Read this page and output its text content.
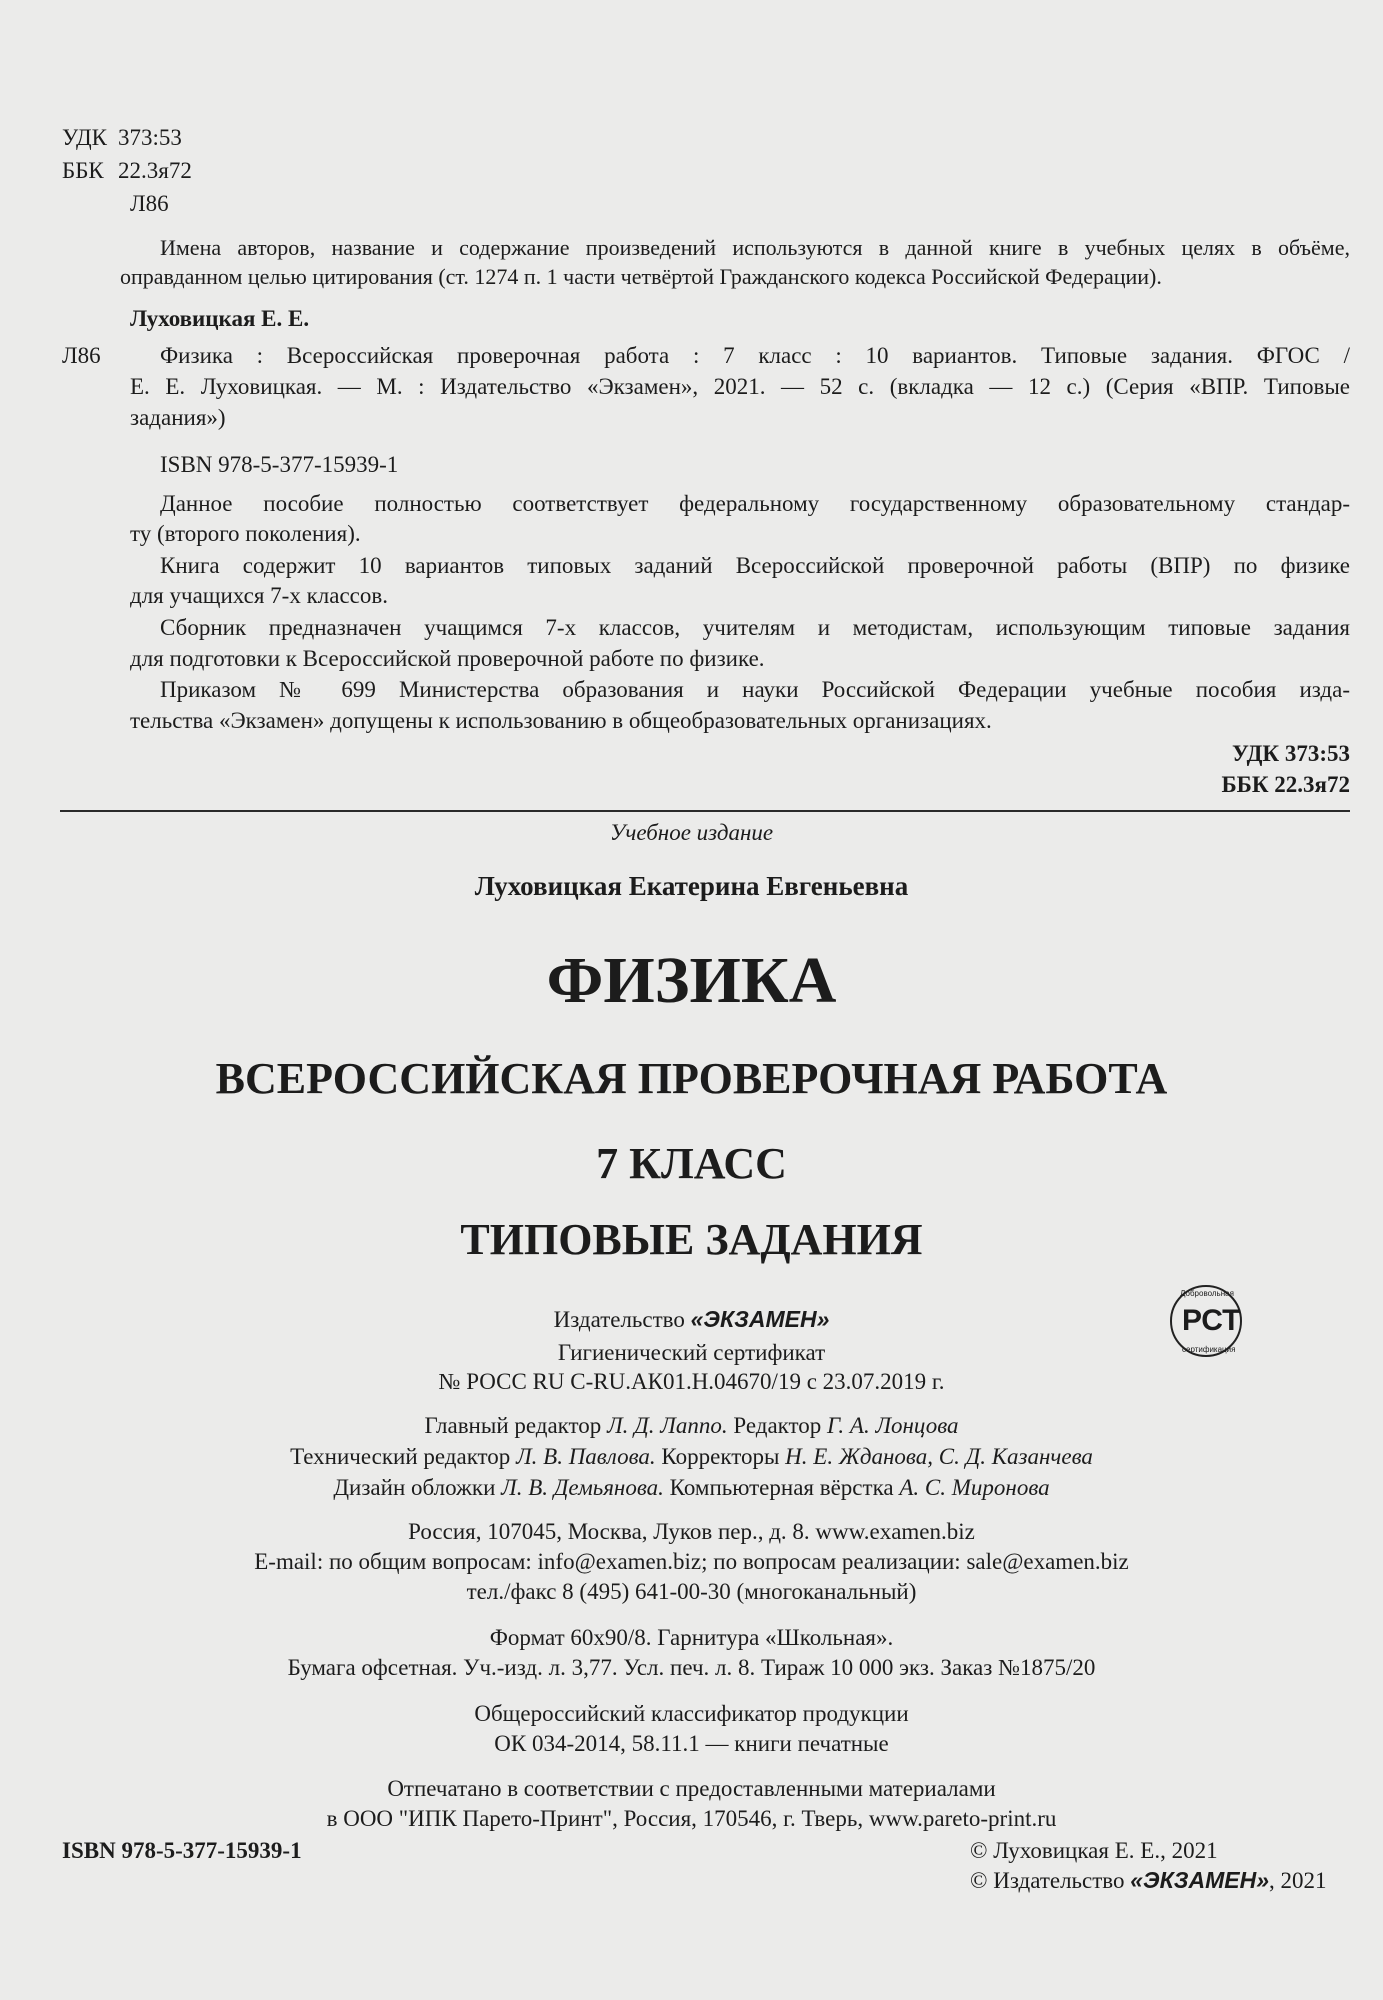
УДК 373:53
ББК 22.3я72
Л86
Имена авторов, название и содержание произведений используются в данной книге в учебных целях в объёме,
оправданном целью цитирования (ст. 1274 п. 1 части четвёртой Гражданского кодекса Российской Федерации).
Луховицкая Е. Е.
Л86	Физика : Всероссийская проверочная работа : 7 класс : 10 вариантов. Типовые задания. ФГОС /
Е. Е. Луховицкая. — М. : Издательство «Экзамен», 2021. — 52 с. (вкладка — 12 с.) (Серия «ВПР. Типовые
задания»)
ISBN 978-5-377-15939-1
Данное пособие полностью соответствует федеральному государственному образовательному стандар-
ту (второго поколения).
Книга содержит 10 вариантов типовых заданий Всероссийской проверочной работы (ВПР) по физике
для учащихся 7-х классов.
Сборник предназначен учащимся 7-х классов, учителям и методистам, использующим типовые задания
для подготовки к Всероссийской проверочной работе по физике.
Приказом № 699 Министерства образования и науки Российской Федерации учебные пособия изда-
тельства «Экзамен» допущены к использованию в общеобразовательных организациях.
УДК 373:53
ББК 22.3я72
Учебное издание
Луховицкая Екатерина Евгеньевна
ФИЗИКА
ВСЕРОССИЙСКАЯ ПРОВЕРОЧНАЯ РАБОТА
7 КЛАСС
ТИПОВЫЕ ЗАДАНИЯ
Издательство «ЭКЗАМЕН»	РСТ
Добровольная
сертификация
Гигиенический сертификат
№ РОСС RU С-RU.АК01.Н.04670/19 с 23.07.2019 г.
Главный редактор Л. Д. Лаппо. Редактор Г. А. Лонцова
Технический редактор Л. В. Павлова. Корректоры Н. Е. Жданова, С. Д. Казанчева
Дизайн обложки Л. В. Демьянова. Компьютерная вёрстка А. С. Миронова
Россия, 107045, Москва, Луков пер., д. 8. www.examen.biz
E-mail: по общим вопросам: info@examen.biz; по вопросам реализации: sale@examen.biz
тел./факс 8 (495) 641-00-30 (многоканальный)
Формат 60х90/8. Гарнитура «Школьная».
Бумага офсетная. Уч.-изд. л. 3,77. Усл. печ. л. 8. Тираж 10 000 экз. Заказ №1875/20
Общероссийский классификатор продукции
ОК 034-2014, 58.11.1 — книги печатные
Отпечатано в соответствии с предоставленными материалами
в ООО "ИПК Парето-Принт", Россия, 170546, г. Тверь, www.pareto-print.ru
ISBN 978-5-377-15939-1	© Луховицкая Е. Е., 2021
© Издательство «ЭКЗАМЕН», 2021
